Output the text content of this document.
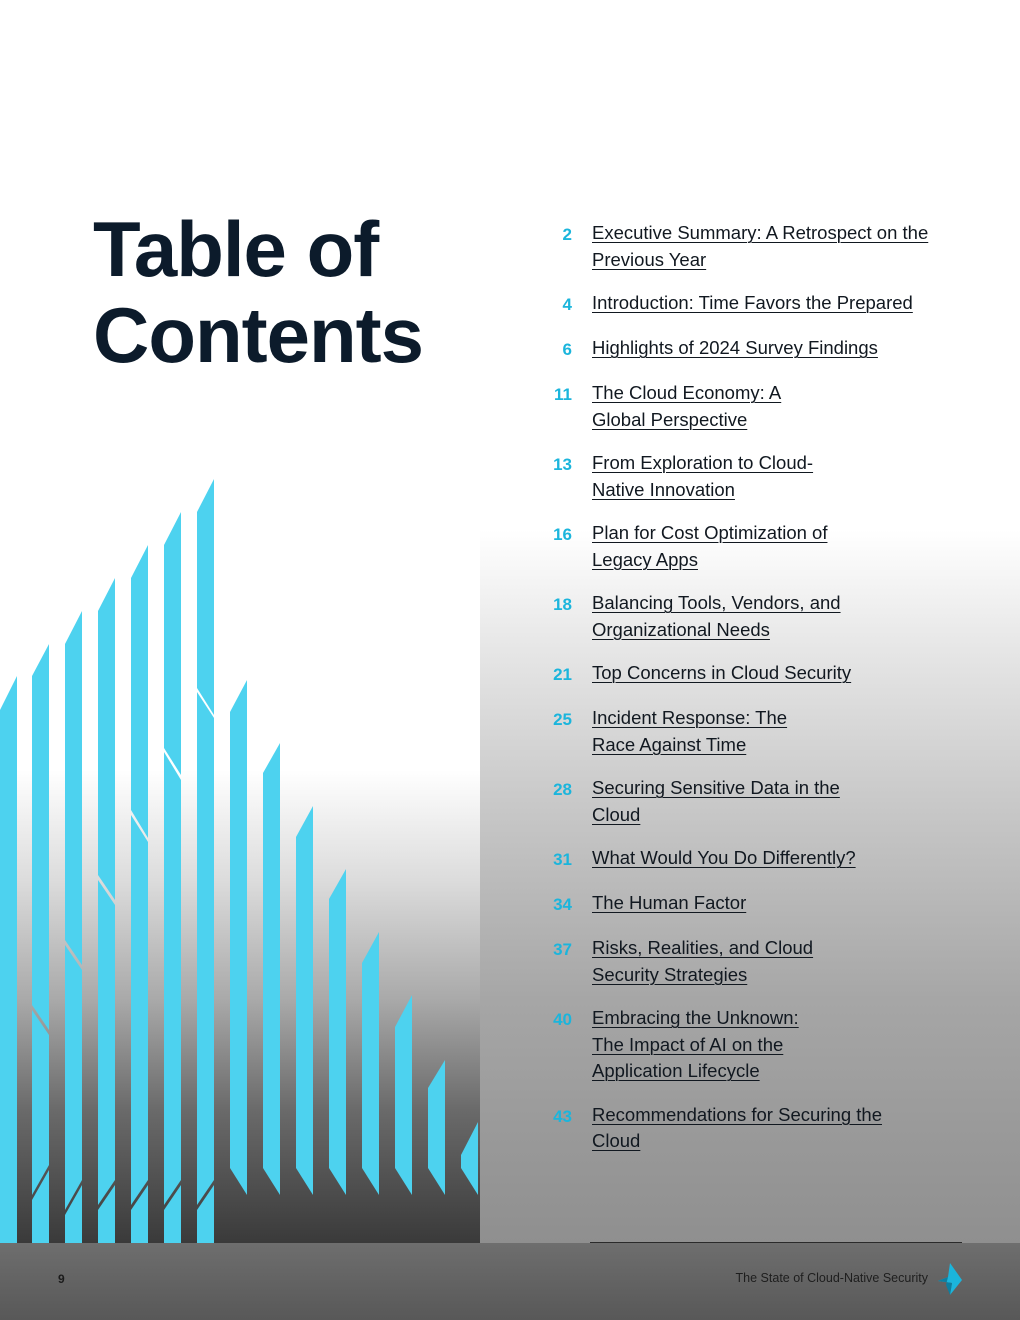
Table of
Contents
2 Executive Summary: A Retrospect on the Previous Year
4 Introduction: Time Favors the Prepared
6 Highlights of 2024 Survey Findings
11 The Cloud Economy: A Global Perspective
13 From Exploration to Cloud-Native Innovation
16 Plan for Cost Optimization of Legacy Apps
18 Balancing Tools, Vendors, and Organizational Needs
21 Top Concerns in Cloud Security
25 Incident Response: The Race Against Time
28 Securing Sensitive Data in the Cloud
31 What Would You Do Differently?
34 The Human Factor
37 Risks, Realities, and Cloud Security Strategies
40 Embracing the Unknown: The Impact of AI on the Application Lifecycle
43 Recommendations for Securing the Cloud
9	The State of Cloud-Native Security
